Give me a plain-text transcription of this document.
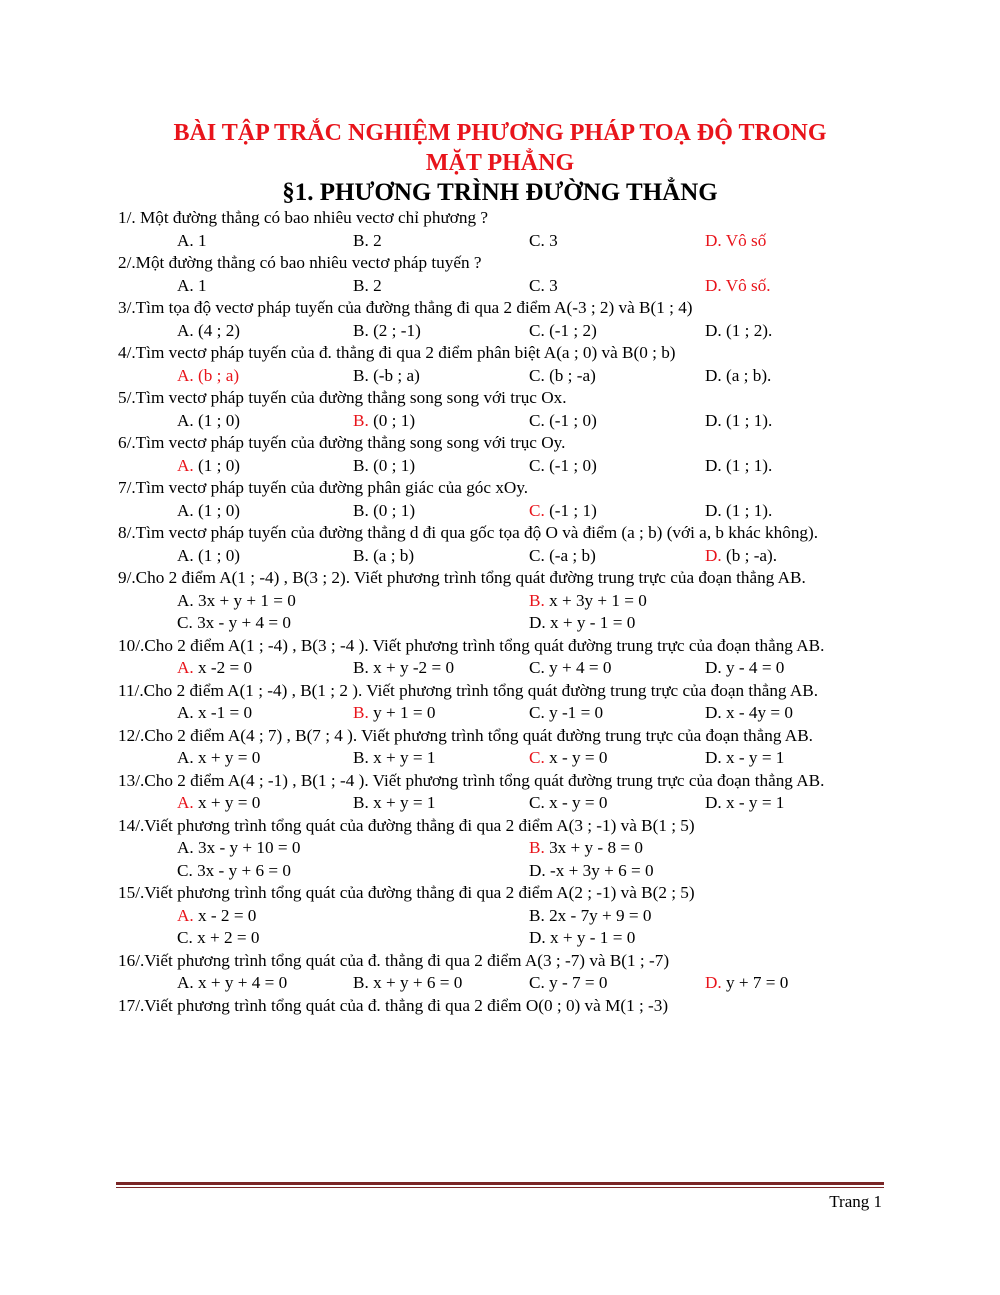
BÀI TẬP TRẮC NGHIỆM PHƯƠNG PHÁP TOẠ ĐỘ TRONG
MẶT PHẲNG
§1. PHƯƠNG TRÌNH ĐƯỜNG THẲNG
1/. Một đường thẳng có bao nhiêu vectơ chỉ phương ?
A. 1	B. 2	C. 3	D. Vô số
2/.Một đường thẳng có bao nhiêu vectơ pháp tuyến ?
A. 1	B. 2	C. 3	D. Vô số.
3/.Tìm tọa độ vectơ pháp tuyến của đường thẳng đi qua 2 điểm A(-3 ; 2) và B(1 ; 4)
A. (4 ; 2)	B. (2 ; -1)	C. (-1 ; 2)	D. (1 ; 2).
4/.Tìm vectơ pháp tuyến của đ. thẳng đi qua 2 điểm phân biệt A(a ; 0) và B(0 ; b)
A. (b ; a)	B. (-b ; a)	C. (b ; -a)	D. (a ; b).
5/.Tìm vectơ pháp tuyến của đường thẳng song song với trục Ox.
A. (1 ; 0)	B. (0 ; 1)	C. (-1 ; 0)	D. (1 ; 1).
6/.Tìm vectơ pháp tuyến của đường thẳng song song với trục Oy.
A. (1 ; 0)	B. (0 ; 1)	C. (-1 ; 0)	D. (1 ; 1).
7/.Tìm vectơ pháp tuyến của đường phân giác của góc xOy.
A. (1 ; 0)	B. (0 ; 1)	C. (-1 ; 1)	D. (1 ; 1).
8/.Tìm vectơ pháp tuyến của đường thẳng d đi qua gốc tọa độ O và điểm (a ; b) (với a, b khác không).
A. (1 ; 0)	B. (a ; b)	C. (-a ; b)	D. (b ; -a).
9/.Cho 2 điểm A(1 ; -4) , B(3 ; 2). Viết phương trình tổng quát đường trung trực của đoạn thẳng AB.
A. 3x + y + 1 = 0	B. x + 3y + 1 = 0
C. 3x - y + 4 = 0	D. x + y - 1 = 0
10/.Cho 2 điểm A(1 ; -4) , B(3 ; -4 ). Viết phương trình tổng quát đường trung trực của đoạn thẳng AB.
A. x -2 = 0	B. x + y -2 = 0	C. y + 4 = 0	D. y - 4 = 0
11/.Cho 2 điểm A(1 ; -4) , B(1 ; 2 ). Viết phương trình tổng quát đường trung trực của đoạn thẳng AB.
A. x -1 = 0	B. y + 1 = 0	C. y -1 = 0	D. x - 4y = 0
12/.Cho 2 điểm A(4 ; 7) , B(7 ; 4 ). Viết phương trình tổng quát đường trung trực của đoạn thẳng AB.
A. x + y = 0	B. x + y = 1	C. x - y = 0	D. x - y = 1
13/.Cho 2 điểm A(4 ; -1) , B(1 ; -4 ). Viết phương trình tổng quát đường trung trực của đoạn thẳng AB.
A. x + y = 0	B. x + y = 1	C. x - y = 0	D. x - y = 1
14/.Viết phương trình tổng quát của đường thẳng đi qua 2 điểm A(3 ; -1) và B(1 ; 5)
A. 3x - y + 10 = 0	B. 3x + y - 8 = 0
C. 3x - y + 6 = 0	D. -x + 3y + 6 = 0
15/.Viết phương trình tổng quát của đường thẳng đi qua 2 điểm A(2 ; -1) và B(2 ; 5)
A. x - 2 = 0	B. 2x - 7y + 9 = 0
C. x + 2 = 0	D. x + y - 1 = 0
16/.Viết phương trình tổng quát của đ. thẳng đi qua 2 điểm A(3 ; -7) và B(1 ; -7)
A. x + y + 4 = 0	B. x + y + 6 = 0	C. y - 7 = 0	D. y + 7 = 0
17/.Viết phương trình tổng quát của đ. thẳng đi qua 2 điểm O(0 ; 0) và M(1 ; -3)
Trang 1
